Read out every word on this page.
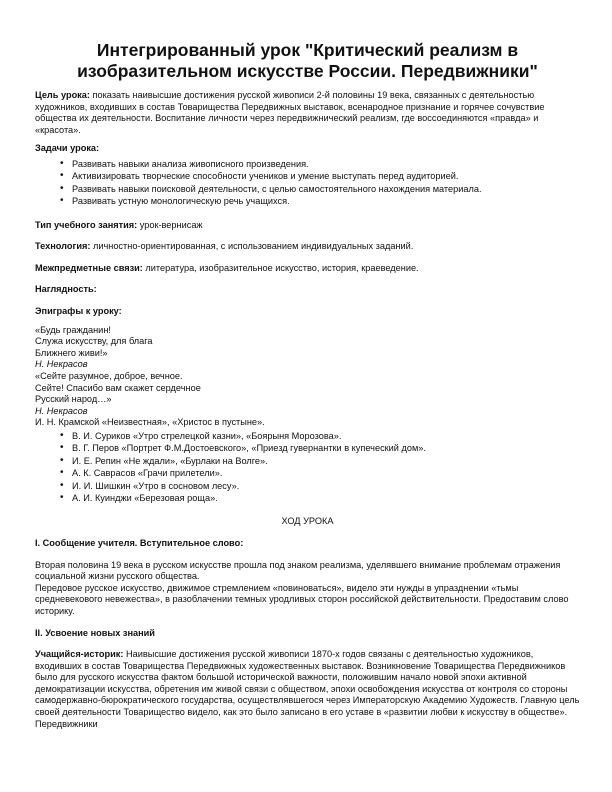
Интегрированный урок "Критический реализм в изобразительном искусстве России. Передвижники"

Цель урока: показать наивысшие достижения русской живописи 2-й половины 19 века, связанных с деятельностью художников, входивших в состав Товарищества Передвижных выставок, всенародное признание и горячее сочувствие общества их деятельности. Воспитание личности через передвижнический реализм, где воссоединяются «правда» и «красота».

Задачи урока:

• Развивать навыки анализа живописного произведения.
• Активизировать творческие способности учеников и умение выступать перед аудиторией.
• Развивать навыки поисковой деятельности, с целью самостоятельного нахождения материала.
• Развивать устную монологическую речь учащихся.

Тип учебного занятия: урок-вернисаж

Технология: личностно-ориентированная, с использованием индивидуальных заданий.

Межпредметные связи: литература, изобразительное искусство, история, краеведение.

Наглядность:

Эпиграфы к уроку:

«Будь гражданин!

Служа искусству, для блага

Ближнего живи!»

Н. Некрасов

«Сейте разумное, доброе, вечное.

Сейте! Спасибо вам скажет сердечное

Русский народ…»

Н. Некрасов

И. Н. Крамской «Неизвестная», «Христос в пустыне».

• В. И. Суриков «Утро стрелецкой казни», «Боярыня Морозова».
• В. Г. Перов «Портрет Ф.М.Достоевского», «Приезд гувернантки в купеческий дом».
• И. Е. Репин «Не ждали», «Бурлаки на Волге».
• А. К. Саврасов «Грачи прилетели».
• И. И. Шишкин «Утро в сосновом лесу».
• А. И. Куинджи «Березовая роща».

ХОД УРОКА

I. Сообщение учителя. Вступительное слово:

Вторая половина 19 века в русском искусстве прошла под знаком реализма, уделявшего внимание проблемам отражения социальной жизни русского общества.

Передовое русское искусство, движимое стремлением «повиноваться», видело эти нужды в упразднении «тьмы средневекового невежества», в разоблачении темных уродливых сторон российской действительности. Предоставим слово историку.

II. Усвоение новых знаний

Учащийся-историк: Наивысшие достижения русской живописи 1870-х годов связаны с деятельностью художников, входивших в состав Товарищества Передвижных художественных выставок. Возникновение Товарищества Передвижников было для русского искусства фактом большой исторической важности, положившим начало новой эпохи активной демократизации искусства, обретения им живой связи с обществом, эпохи освобождения искусства от контроля со стороны самодержавно-бюрократического государства, осуществлявшегося через Императорскую Академию Художеств. Главную цель своей деятельности Товарищество видело, как это было записано в его уставе в «развитии любви к искусству в обществе». Передвижники
